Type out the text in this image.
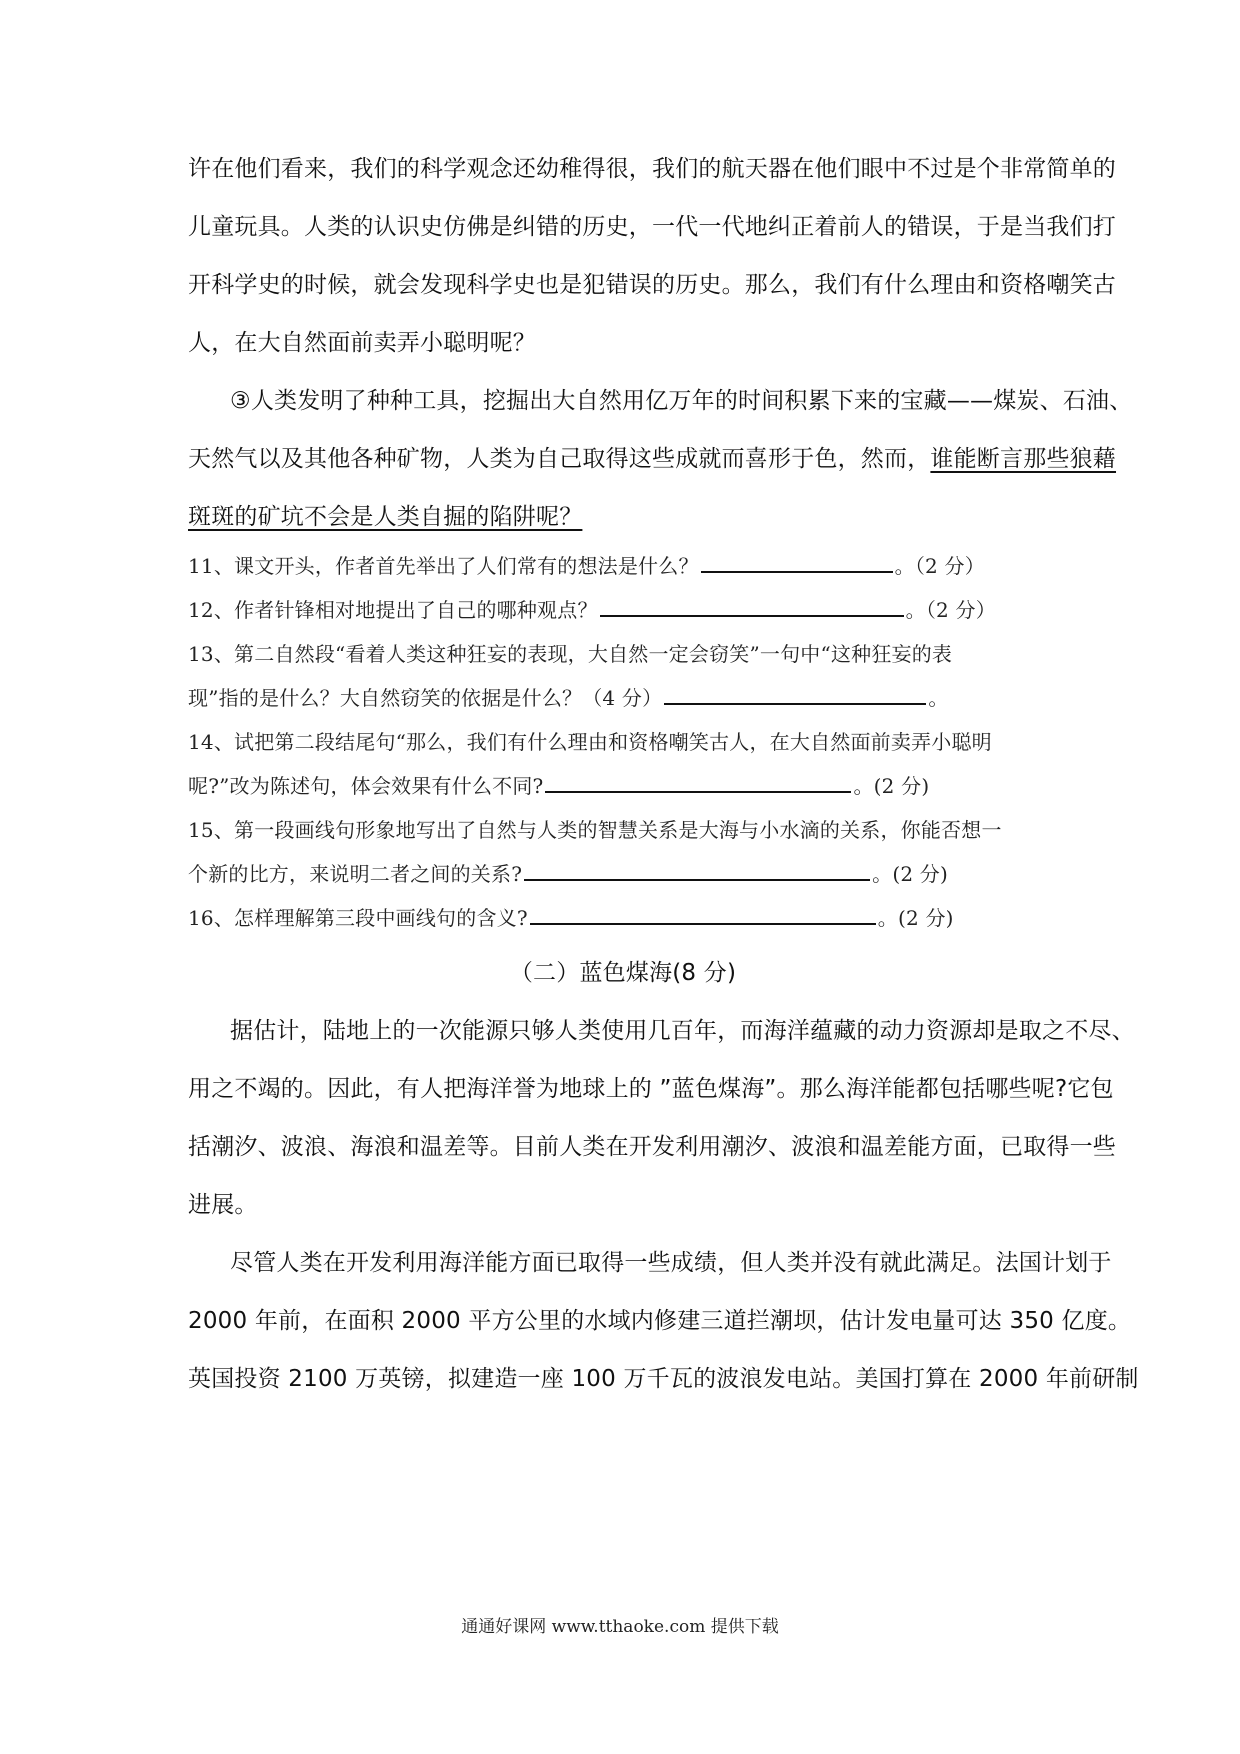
许在他们看来，我们的科学观念还幼稚得很，我们的航天器在他们眼中不过是个非常简单的
儿童玩具。人类的认识史仿佛是纠错的历史，一代一代地纠正着前人的错误，于是当我们打
开科学史的时候，就会发现科学史也是犯错误的历史。那么，我们有什么理由和资格嘲笑古
人，在大自然面前卖弄小聪明呢？
③人类发明了种种工具，挖掘出大自然用亿万年的时间积累下来的宝藏——煤炭、石油、
天然气以及其他各种矿物，人类为自己取得这些成就而喜形于色，然而，谁能断言那些狼藉
斑斑的矿坑不会是人类自掘的陷阱呢？
11、课文开头，作者首先举出了人们常有的想法是什么？	。（2 分）
12、作者针锋相对地提出了自己的哪种观点？	。（2 分）
13、第二自然段“看着人类这种狂妄的表现，大自然一定会窃笑”一句中“这种狂妄的表
现”指的是什么？大自然窃笑的依据是什么？（4 分）	。
14、试把第二段结尾句“那么，我们有什么理由和资格嘲笑古人，在大自然面前卖弄小聪明
呢?”改为陈述句，体会效果有什么不同?	。(2 分)
15、第一段画线句形象地写出了自然与人类的智慧关系是大海与小水滴的关系，你能否想一
个新的比方，来说明二者之间的关系?	。(2 分)
16、怎样理解第三段中画线句的含义?	。(2 分)
（二）蓝色煤海(8 分)
据估计，陆地上的一次能源只够人类使用几百年，而海洋蕴藏的动力资源却是取之不尽、
用之不竭的。因此，有人把海洋誉为地球上的 ”蓝色煤海”。那么海洋能都包括哪些呢?它包
括潮汐、波浪、海浪和温差等。目前人类在开发利用潮汐、波浪和温差能方面，已取得一些
进展。
尽管人类在开发利用海洋能方面已取得一些成绩，但人类并没有就此满足。法国计划于
2000 年前，在面积 2000 平方公里的水域内修建三道拦潮坝，估计发电量可达 350 亿度。
英国投资 2100 万英镑，拟建造一座 100 万千瓦的波浪发电站。美国打算在 2000 年前研制
通通好课网 www.tthaoke.com 提供下载
